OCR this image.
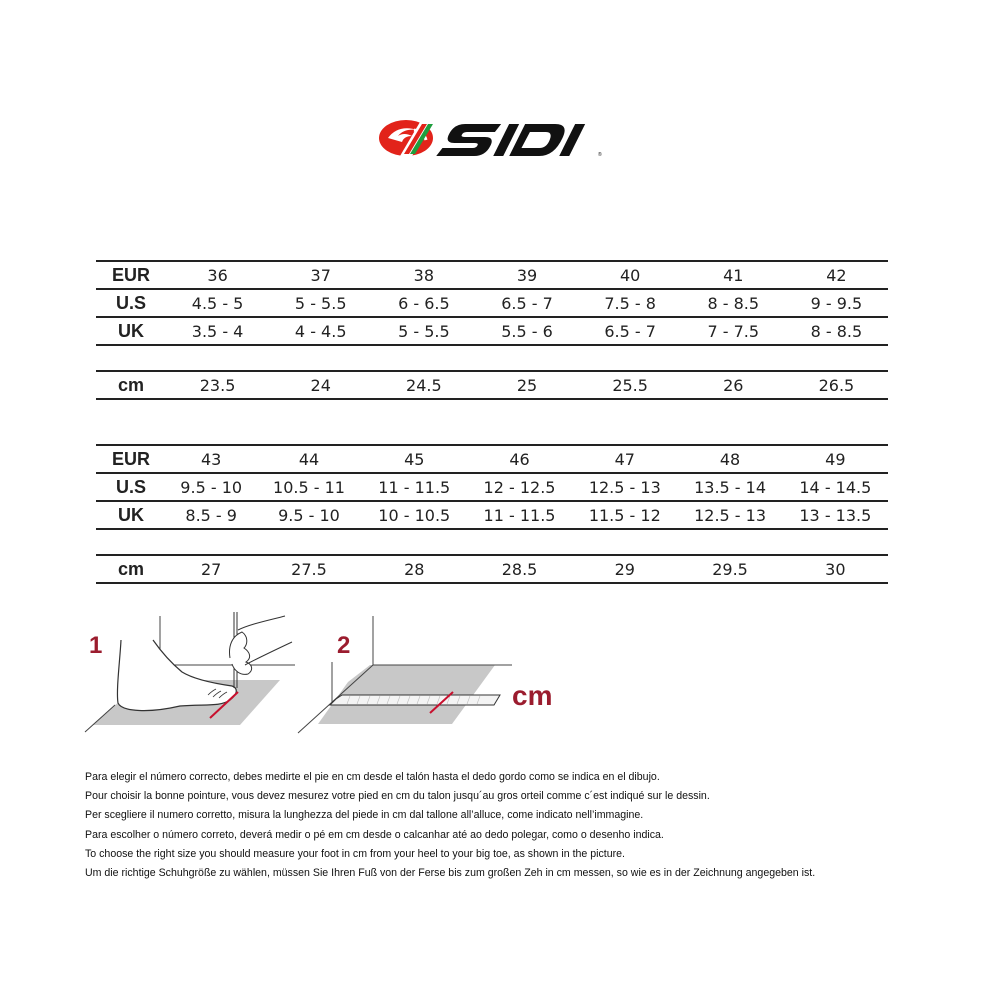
®
EUR	36	37	38	39	40	41	42
U.S	4.5 - 5	5 - 5.5	6 - 6.5	6.5 - 7	7.5 - 8	8 - 8.5	9 - 9.5
UK	3.5 - 4	4 - 4.5	5 - 5.5	5.5 - 6	6.5 - 7	7 - 7.5	8 - 8.5

cm	23.5	24	24.5	25	25.5	26	26.5
EUR	43	44	45	46	47	48	49
U.S	9.5 - 10	10.5 - 11	11 - 11.5	12 - 12.5	12.5 - 13	13.5 - 14	14 - 14.5
UK	8.5 - 9	9.5 - 10	10 - 10.5	11 - 11.5	11.5 - 12	12.5 - 13	13 - 13.5

cm	27	27.5	28	28.5	29	29.5	30
1	2
cm

Para elegir el número correcto, debes medirte el pie en cm desde el talón hasta el dedo gordo como se indica en el dibujo.

Pour choisir la bonne pointure, vous devez mesurez votre pied en cm du talon jusqu´au gros orteil comme c´est indiqué sur le dessin.

Per scegliere il numero corretto, misura la lunghezza del piede in cm dal tallone all’alluce, come indicato nell’immagine.

Para escolher o número correto, deverá medir o pé em cm desde o calcanhar até ao dedo polegar, como o desenho indica.

To choose the right size you should measure your foot in cm from your heel to your big toe, as shown in the picture.

Um die richtige Schuhgröße zu wählen, müssen Sie Ihren Fuß von der Ferse bis zum großen Zeh in cm messen, so wie es in der Zeichnung angegeben ist.
